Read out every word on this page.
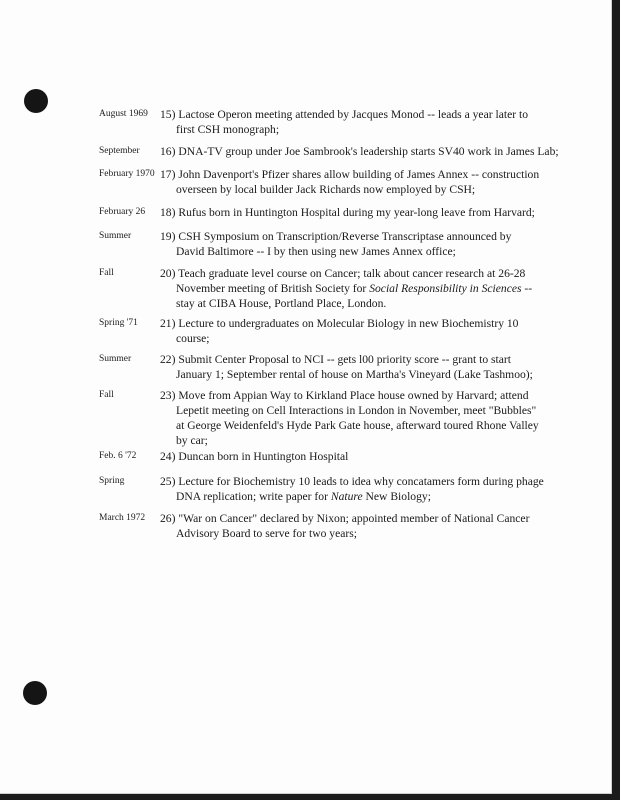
August 1969 15) Lactose Operon meeting attended by Jacques Monod -- leads a year later to
first CSH monograph;
September 16) DNA-TV group under Joe Sambrook's leadership starts SV40 work in James Lab;
February 1970 17) John Davenport's Pfizer shares allow building of James Annex -- construction
overseen by local builder Jack Richards now employed by CSH;
February 26 18) Rufus born in Huntington Hospital during my year-long leave from Harvard;
Summer 19) CSH Symposium on Transcription/Reverse Transcriptase announced by
David Baltimore -- I by then using new James Annex office;
Fall	20) Teach graduate level course on Cancer; talk about cancer research at 26-28
November meeting of British Society for Social Responsibility in Sciences --
stay at CIBA House, Portland Place, London.
Spring '71 21) Lecture to undergraduates on Molecular Biology in new Biochemistry 10
course;
Summer 22) Submit Center Proposal to NCI -- gets l00 priority score -- grant to start
January 1; September rental of house on Martha's Vineyard (Lake Tashmoo);
Fall	23) Move from Appian Way to Kirkland Place house owned by Harvard; attend
Lepetit meeting on Cell Interactions in London in November, meet "Bubbles"
at George Weidenfeld's Hyde Park Gate house, afterward toured Rhone Valley
by car;
Feb. 6 '72 24) Duncan born in Huntington Hospital
Spring	25) Lecture for Biochemistry 10 leads to idea why concatamers form during phage
DNA replication; write paper for Nature New Biology;
March 1972 26) "War on Cancer" declared by Nixon; appointed member of National Cancer
Advisory Board to serve for two years;
